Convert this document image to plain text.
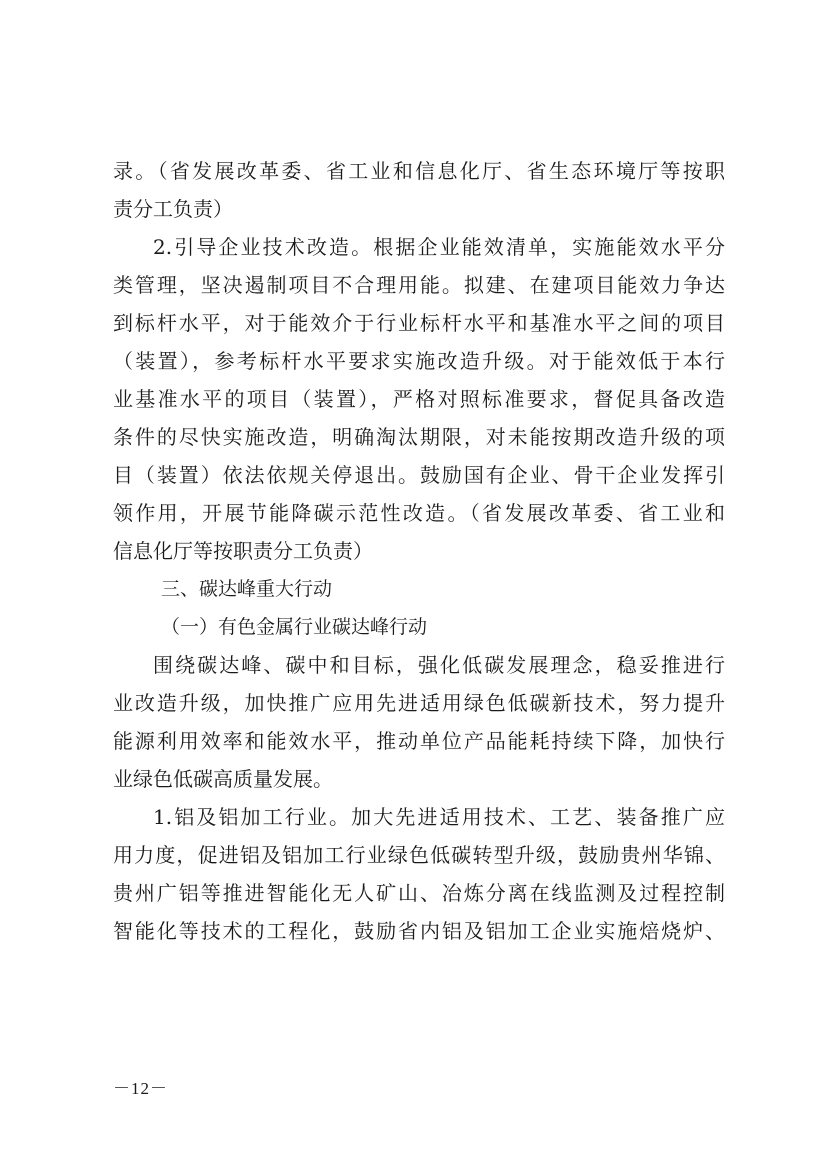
录。（省发展改革委、省工业和信息化厅、省生态环境厅等按职
责分工负责）
2.引导企业技术改造。根据企业能效清单，实施能效水平分
类管理，坚决遏制项目不合理用能。拟建、在建项目能效力争达
到标杆水平，对于能效介于行业标杆水平和基准水平之间的项目
（装置），参考标杆水平要求实施改造升级。对于能效低于本行
业基准水平的项目（装置），严格对照标准要求，督促具备改造
条件的尽快实施改造，明确淘汰期限，对未能按期改造升级的项
目（装置）依法依规关停退出。鼓励国有企业、骨干企业发挥引
领作用，开展节能降碳示范性改造。（省发展改革委、省工业和
信息化厅等按职责分工负责）
三、碳达峰重大行动
（一）有色金属行业碳达峰行动
围绕碳达峰、碳中和目标，强化低碳发展理念，稳妥推进行
业改造升级，加快推广应用先进适用绿色低碳新技术，努力提升
能源利用效率和能效水平，推动单位产品能耗持续下降，加快行
业绿色低碳高质量发展。
1.铝及铝加工行业。加大先进适用技术、工艺、装备推广应
用力度，促进铝及铝加工行业绿色低碳转型升级，鼓励贵州华锦、
贵州广铝等推进智能化无人矿山、冶炼分离在线监测及过程控制
智能化等技术的工程化，鼓励省内铝及铝加工企业实施焙烧炉、
－12－
